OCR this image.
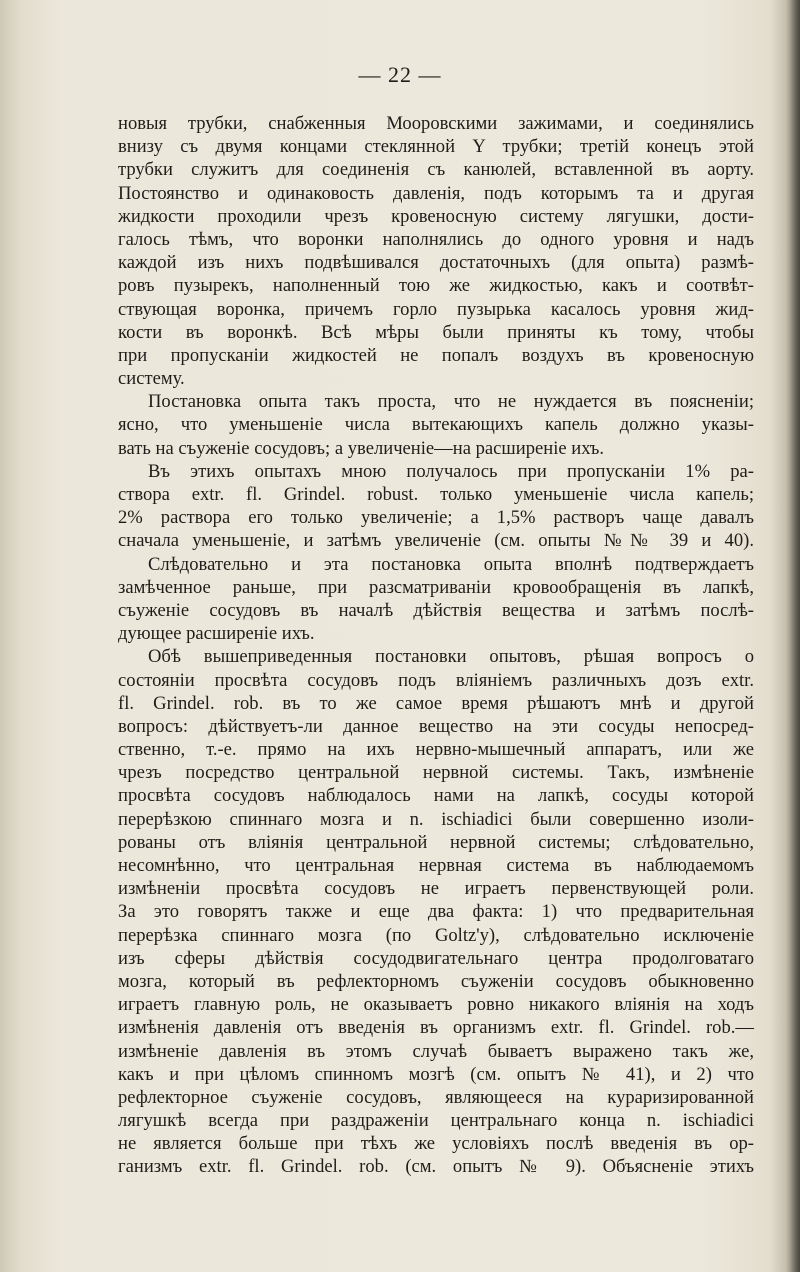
— 22 —
новыя трубки, снабженныя Мооровскими зажимами, и соединялись
внизу съ двумя концами стеклянной Y трубки; третій конецъ этой
трубки служитъ для соединенія съ канюлей, вставленной въ аорту.
Постоянство и одинаковость давленія, подъ которымъ та и другая
жидкости проходили чрезъ кровеносную систему лягушки, дости-
галось тѣмъ, что воронки наполнялись до одного уровня и надъ
каждой изъ нихъ подвѣшивался достаточныхъ (для опыта) размѣ-
ровъ пузырекъ, наполненный тою же жидкостью, какъ и соотвѣт-
ствующая воронка, причемъ горло пузырька касалось уровня жид-
кости въ воронкѣ. Всѣ мѣры были приняты къ тому, чтобы
при пропусканіи жидкостей не попалъ воздухъ въ кровеносную
систему.
Постановка опыта такъ проста, что не нуждается въ поясненіи;
ясно, что уменьшеніе числа вытекающихъ капель должно указы-
вать на съуженіе сосудовъ; а увеличеніе—на расширеніе ихъ.
Въ этихъ опытахъ мною получалось при пропусканіи 1% ра-
створа extr. fl. Grindel. robust. только уменьшеніе числа капель;
2% раствора его только увеличеніе; а 1,5% растворъ чаще давалъ
сначала уменьшеніе, и затѣмъ увеличеніе (см. опыты №№ 39 и 40).
Слѣдовательно и эта постановка опыта вполнѣ подтверждаетъ
замѣченное раньше, при разсматриваніи кровообращенія въ лапкѣ,
съуженіе сосудовъ въ началѣ дѣйствія вещества и затѣмъ послѣ-
дующее расширеніе ихъ.
Обѣ вышеприведенныя постановки опытовъ, рѣшая вопросъ о
состояніи просвѣта сосудовъ подъ вліяніемъ различныхъ дозъ extr.
fl. Grindel. rob. въ то же самое время рѣшаютъ мнѣ и другой
вопросъ: дѣйствуетъ-ли данное вещество на эти сосуды непосред-
ственно, т.-е. прямо на ихъ нервно-мышечный аппаратъ, или же
чрезъ посредство центральной нервной системы. Такъ, измѣненіе
просвѣта сосудовъ наблюдалось нами на лапкѣ, сосуды которой
перерѣзкою спиннаго мозга и n. ischiadici были совершенно изоли-
рованы отъ вліянія центральной нервной системы; слѣдовательно,
несомнѣнно, что центральная нервная система въ наблюдаемомъ
измѣненіи просвѣта сосудовъ не играетъ первенствующей роли.
За это говорятъ также и еще два факта: 1) что предварительная
перерѣзка спиннаго мозга (по Goltz'у), слѣдовательно исключеніе
изъ сферы дѣйствія сосудодвигательнаго центра продолговатаго
мозга, который въ рефлекторномъ съуженіи сосудовъ обыкновенно
играетъ главную роль, не оказываетъ ровно никакого вліянія на ходъ
измѣненія давленія отъ введенія въ организмъ extr. fl. Grindel. rob.—
измѣненіе давленія въ этомъ случаѣ бываетъ выражено такъ же,
какъ и при цѣломъ спинномъ мозгѣ (см. опытъ № 41), и 2) что
рефлекторное съуженіе сосудовъ, являющееся на кураризированной
лягушкѣ всегда при раздраженіи центральнаго конца n. ischiadici
не является больше при тѣхъ же условіяхъ послѣ введенія въ ор-
ганизмъ extr. fl. Grindel. rob. (см. опытъ № 9). Объясненіе этихъ
